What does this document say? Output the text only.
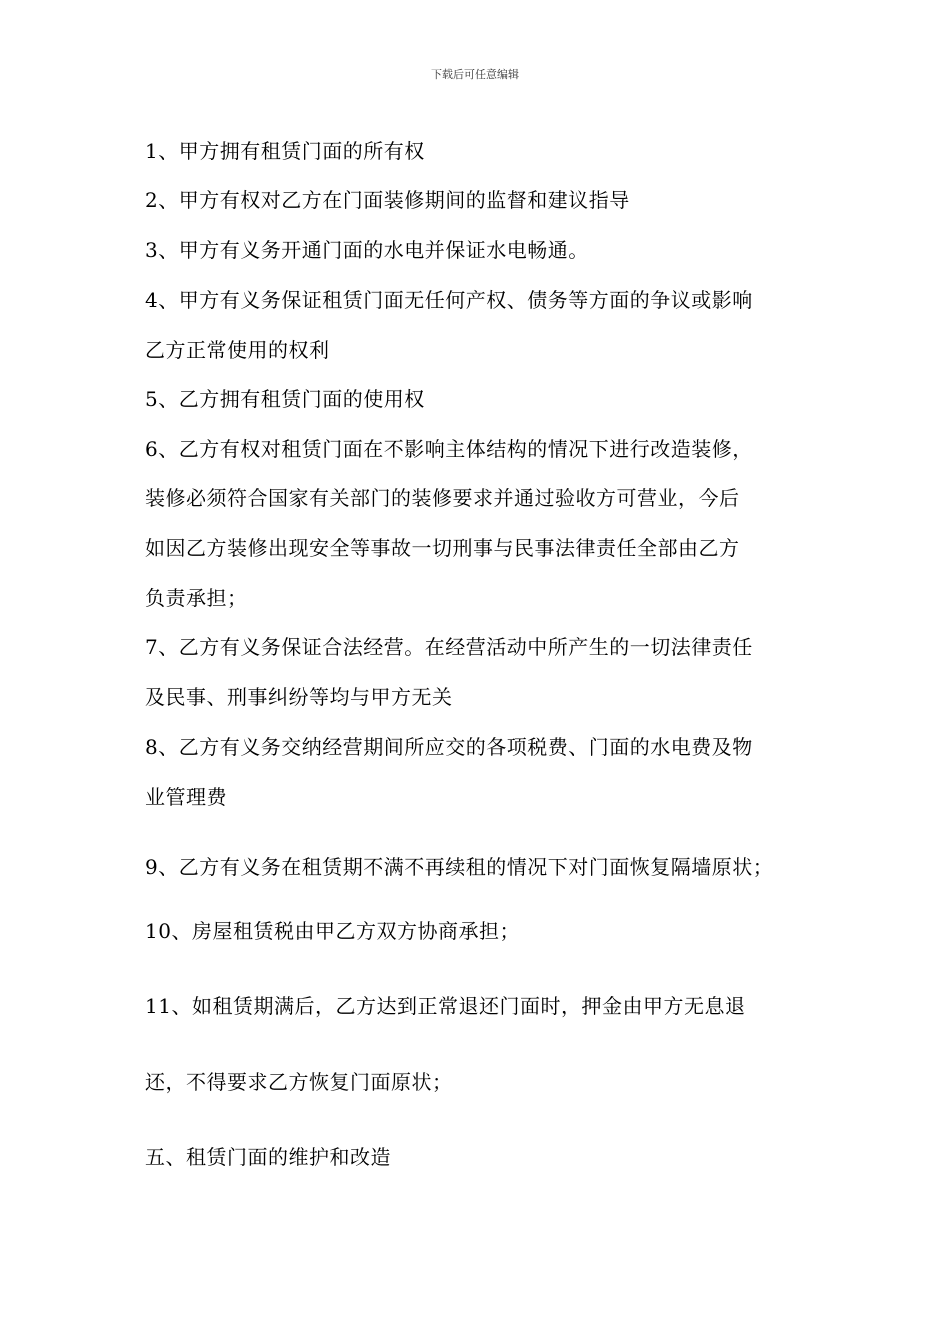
下载后可任意编辑
1、甲方拥有租赁门面的所有权
2、甲方有权对乙方在门面装修期间的监督和建议指导
3、甲方有义务开通门面的水电并保证水电畅通。
4、甲方有义务保证租赁门面无任何产权、债务等方面的争议或影响
乙方正常使用的权利
5、乙方拥有租赁门面的使用权
6、乙方有权对租赁门面在不影响主体结构的情况下进行改造装修，
装修必须符合国家有关部门的装修要求并通过验收方可营业，今后
如因乙方装修出现安全等事故一切刑事与民事法律责任全部由乙方
负责承担；
7、乙方有义务保证合法经营。在经营活动中所产生的一切法律责任
及民事、刑事纠纷等均与甲方无关
8、乙方有义务交纳经营期间所应交的各项税费、门面的水电费及物
业管理费
9、乙方有义务在租赁期不满不再续租的情况下对门面恢复隔墙原状；
10、房屋租赁税由甲乙方双方协商承担；
11、如租赁期满后，乙方达到正常退还门面时，押金由甲方无息退
还，不得要求乙方恢复门面原状；
五、租赁门面的维护和改造
